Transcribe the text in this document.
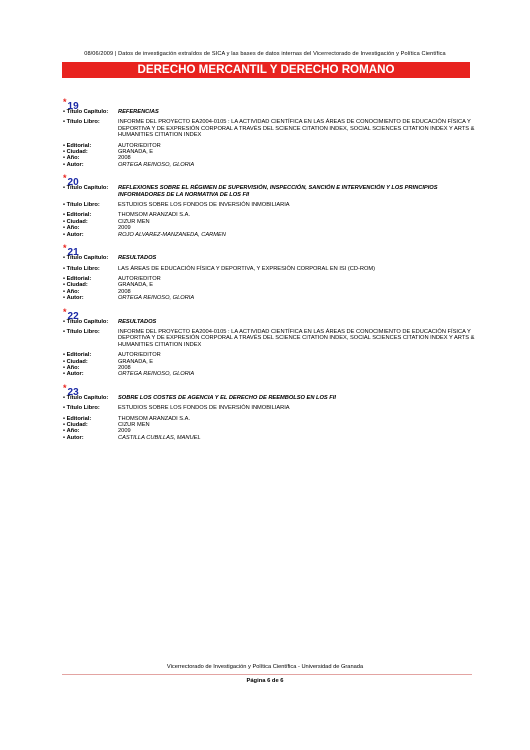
08/06/2009 | Datos de investigación extraídos de SICA y las bases de datos internas del Vicerrectorado de Investigación y Política Científica
DERECHO MERCANTIL Y DERECHO ROMANO
*19
• Título Capítulo:	REFERENCIAS
• Título Libro:	INFORME DEL PROYECTO EA2004-0105 : LA ACTIVIDAD CIENTÍFICA EN LAS ÁREAS DE CONOCIMIENTO DE EDUCACIÓN FÍSICA Y DEPORTIVA Y DE EXPRESIÓN CORPORAL A TRAVÉS DEL SCIENCE CITATION INDEX, SOCIAL SCIENCES CITATION INDEX Y ARTS & HUMANITIES CITIATION INDEX
• Editorial:	AUTOR/EDITOR
• Ciudad:	GRANADA, E
• Año:	2008
• Autor:	ORTEGA REINOSO, GLORIA
*20
• Título Capítulo:	REFLEXIONES SOBRE EL RÉGIMEN DE SUPERVISIÓN, INSPECCIÓN, SANCIÓN E INTERVENCIÓN Y LOS PRINCIPIOS INFORMADORES DE LA NORMATIVA DE LOS FII
• Título Libro:	ESTUDIOS SOBRE LOS FONDOS DE INVERSIÓN INMOBILIARIA
• Editorial:	THOMSOM ARANZADI S.A.
• Ciudad:	CIZUR MEN
• Año:	2009
• Autor:	ROJO ALVAREZ-MANZANEDA, CARMEN
*21
• Título Capítulo:	RESULTADOS
• Título Libro:	LAS ÁREAS DE EDUCACIÓN FÍSICA Y DEPORTIVA, Y EXPRESIÓN CORPORAL EN ISI (CD-ROM)
• Editorial:	AUTOR/EDITOR
• Ciudad:	GRANADA, E
• Año:	2008
• Autor:	ORTEGA REINOSO, GLORIA
*22
• Título Capítulo:	RESULTADOS
• Título Libro:	INFORME DEL PROYECTO EA2004-0105 : LA ACTIVIDAD CIENTÍFICA EN LAS ÁREAS DE CONOCIMIENTO DE EDUCACIÓN FÍSICA Y DEPORTIVA Y DE EXPRESIÓN CORPORAL A TRAVÉS DEL SCIENCE CITATION INDEX, SOCIAL SCIENCES CITATION INDEX Y ARTS & HUMANITIES CITIATION INDEX
• Editorial:	AUTOR/EDITOR
• Ciudad:	GRANADA, E
• Año:	2008
• Autor:	ORTEGA REINOSO, GLORIA
*23
• Título Capítulo:	SOBRE LOS COSTES DE AGENCIA Y EL DERECHO DE REEMBOLSO EN LOS FII
• Título Libro:	ESTUDIOS SOBRE LOS FONDOS DE INVERSIÓN INMOBILIARIA
• Editorial:	THOMSOM ARANZADI S.A.
• Ciudad:	CIZUR MEN
• Año:	2009
• Autor:	CASTILLA CUBILLAS, MANUEL
Vicerrectorado de Investigación y Política Científica - Universidad de Granada
Página 6 de 6
